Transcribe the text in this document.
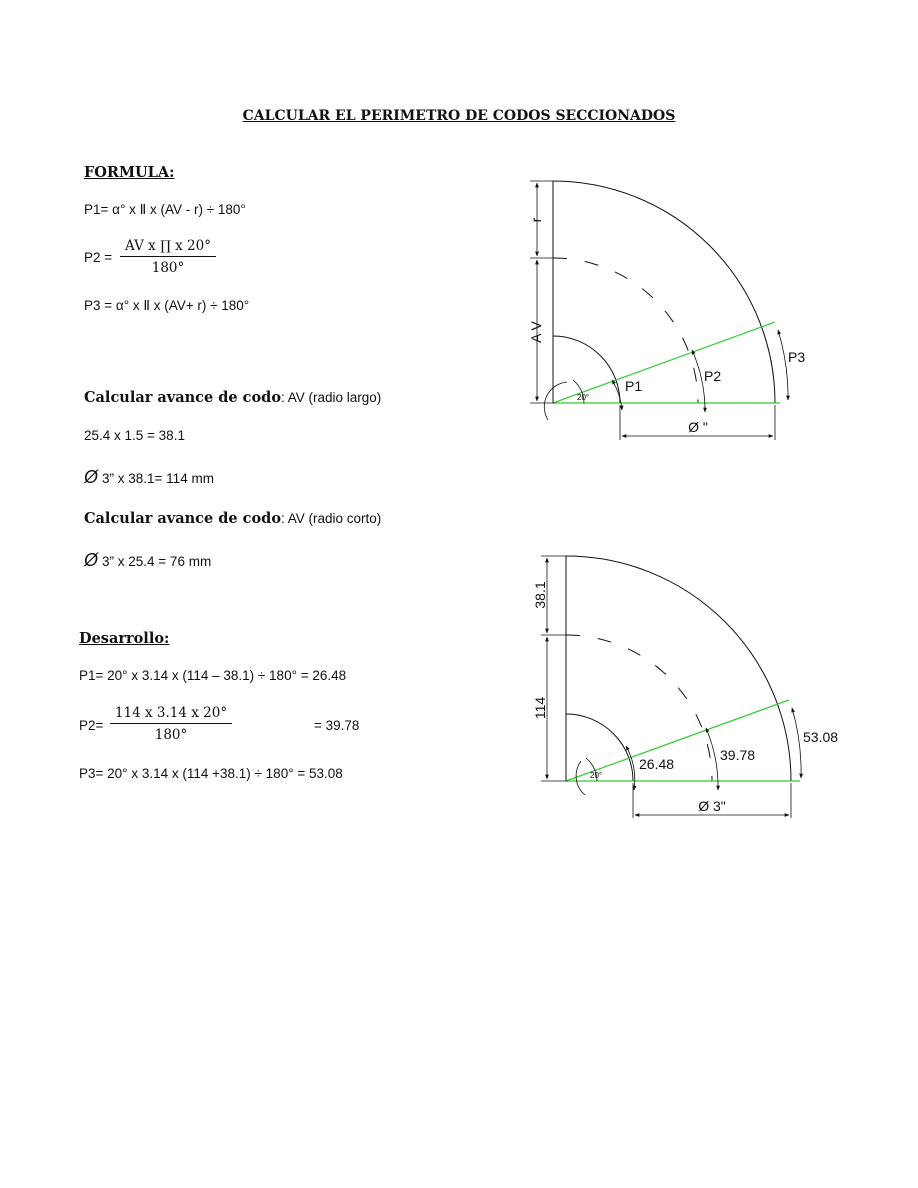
CALCULAR EL PERIMETRO DE CODOS SECCIONADOS
FORMULA:
P1= α° x Ⅱ x (AV - r) ÷ 180°
$P2 = \frac{\text{AV x ∏ x 20°}}{180^\circ}$
P3 = α° x Ⅱ x (AV+ r) ÷ 180°
Calcular avance de codo: AV (radio largo)
25.4 x 1.5 = 38.1
Ø 3” x 38.1= 114 mm
Calcular avance de codo: AV (radio corto)
Ø 3” x 25.4 = 76 mm
Desarrollo:
P1= 20° x 3.14 x (114 – 38.1) ÷ 180° = 26.48
$P2= \frac{114 x 3.14 x 20^\circ}{180^\circ}$	= 39.78
P3= 20° x 3.14 x (114 +38.1) ÷ 180° = 53.08
r
A V
20°
P1
P2
P3
Ø "
38.1
114
20°
26.48
39.78
53.08
Ø 3"
